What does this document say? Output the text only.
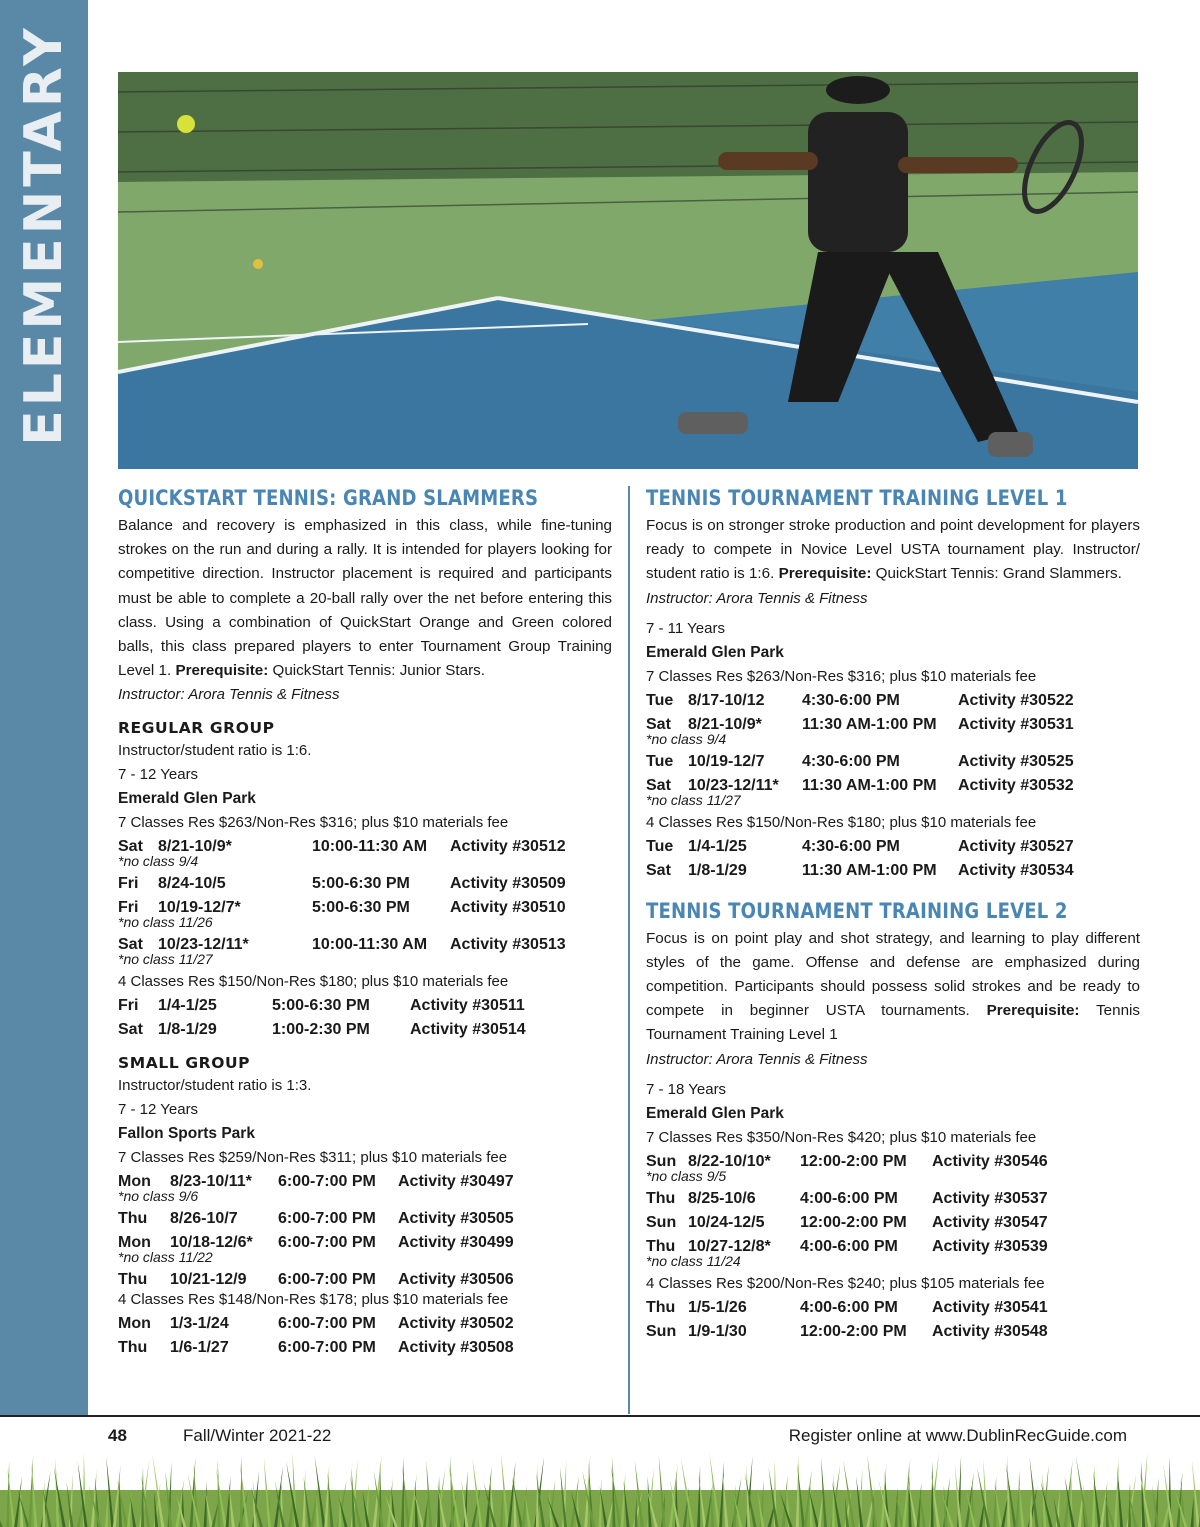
ELEMENTARY
QUICKSTART TENNIS: GRAND SLAMMERS

Balance and recovery is emphasized in this class, while fine-tuning strokes on the run and during a rally. It is intended for players looking for competitive direction. Instructor placement is required and participants must be able to complete a 20-ball rally over the net before entering this class. Using a combination of QuickStart Orange and Green colored balls, this class prepared players to enter Tournament Group Training Level 1. Prerequisite: QuickStart Tennis: Junior Stars.

Instructor: Arora Tennis & Fitness

REGULAR GROUP

Instructor/student ratio is 1:6.

7 - 12 Years

Emerald Glen Park

7 Classes Res $263/Non-Res $316; plus $10 materials fee

Sat 8/21-10/9*	10:00-11:30 AM	Activity #30512
*no class 9/4
Fri	8/24-10/5	5:00-6:30 PM	Activity #30509
Fri	10/19-12/7*	5:00-6:30 PM	Activity #30510
*no class 11/26
Sat 10/23-12/11*	10:00-11:30 AM	Activity #30513
*no class 11/27

4 Classes Res $150/Non-Res $180; plus $10 materials fee

Fri	1/4-1/25	5:00-6:30 PM	Activity #30511
Sat 1/8-1/29	1:00-2:30 PM	Activity #30514
SMALL GROUP

Instructor/student ratio is 1:3.

7 - 12 Years

Fallon Sports Park

7 Classes Res $259/Non-Res $311; plus $10 materials fee

Mon	8/23-10/11*	6:00-7:00 PM	Activity #30497
*no class 9/6
Thu	8/26-10/7	6:00-7:00 PM	Activity #30505
Mon	10/18-12/6*	6:00-7:00 PM	Activity #30499
*no class 11/22
Thu	10/21-12/9	6:00-7:00 PM	Activity #30506

4 Classes Res $148/Non-Res $178; plus $10 materials fee

Mon	1/3-1/24	6:00-7:00 PM	Activity #30502
Thu	1/6-1/27	6:00-7:00 PM	Activity #30508
TENNIS TOURNAMENT TRAINING LEVEL 1

Focus is on stronger stroke production and point development for players ready to compete in Novice Level USTA tournament play. Instructor/ student ratio is 1:6. Prerequisite: QuickStart Tennis: Grand Slammers.

Instructor: Arora Tennis & Fitness

7 - 11 Years

Emerald Glen Park

7 Classes Res $263/Non-Res $316; plus $10 materials fee

Tue 8/17-10/12	4:30-6:00 PM	Activity #30522
Sat	8/21-10/9*	11:30 AM-1:00 PM	Activity #30531
*no class 9/4
Tue 10/19-12/7	4:30-6:00 PM	Activity #30525
Sat	10/23-12/11*	11:30 AM-1:00 PM	Activity #30532
*no class 11/27

4 Classes Res $150/Non-Res $180; plus $10 materials fee

Tue 1/4-1/25	4:30-6:00 PM	Activity #30527
Sat	1/8-1/29	11:30 AM-1:00 PM	Activity #30534
TENNIS TOURNAMENT TRAINING LEVEL 2

Focus is on point play and shot strategy, and learning to play different styles of the game. Offense and defense are emphasized during competition. Participants should possess solid strokes and be ready to compete in beginner USTA tournaments. Prerequisite: Tennis Tournament Training Level 1

Instructor: Arora Tennis & Fitness

7 - 18 Years

Emerald Glen Park

7 Classes Res $350/Non-Res $420; plus $10 materials fee

Sun 8/22-10/10*	12:00-2:00 PM	Activity #30546
*no class 9/5
Thu 8/25-10/6	4:00-6:00 PM	Activity #30537
Sun 10/24-12/5	12:00-2:00 PM	Activity #30547
Thu 10/27-12/8*	4:00-6:00 PM	Activity #30539
*no class 11/24

4 Classes Res $200/Non-Res $240; plus $105 materials fee

Thu 1/5-1/26	4:00-6:00 PM	Activity #30541
Sun 1/9-1/30	12:00-2:00 PM	Activity #30548
48	Fall/Winter 2021-22	Register online at www.DublinRecGuide.com
